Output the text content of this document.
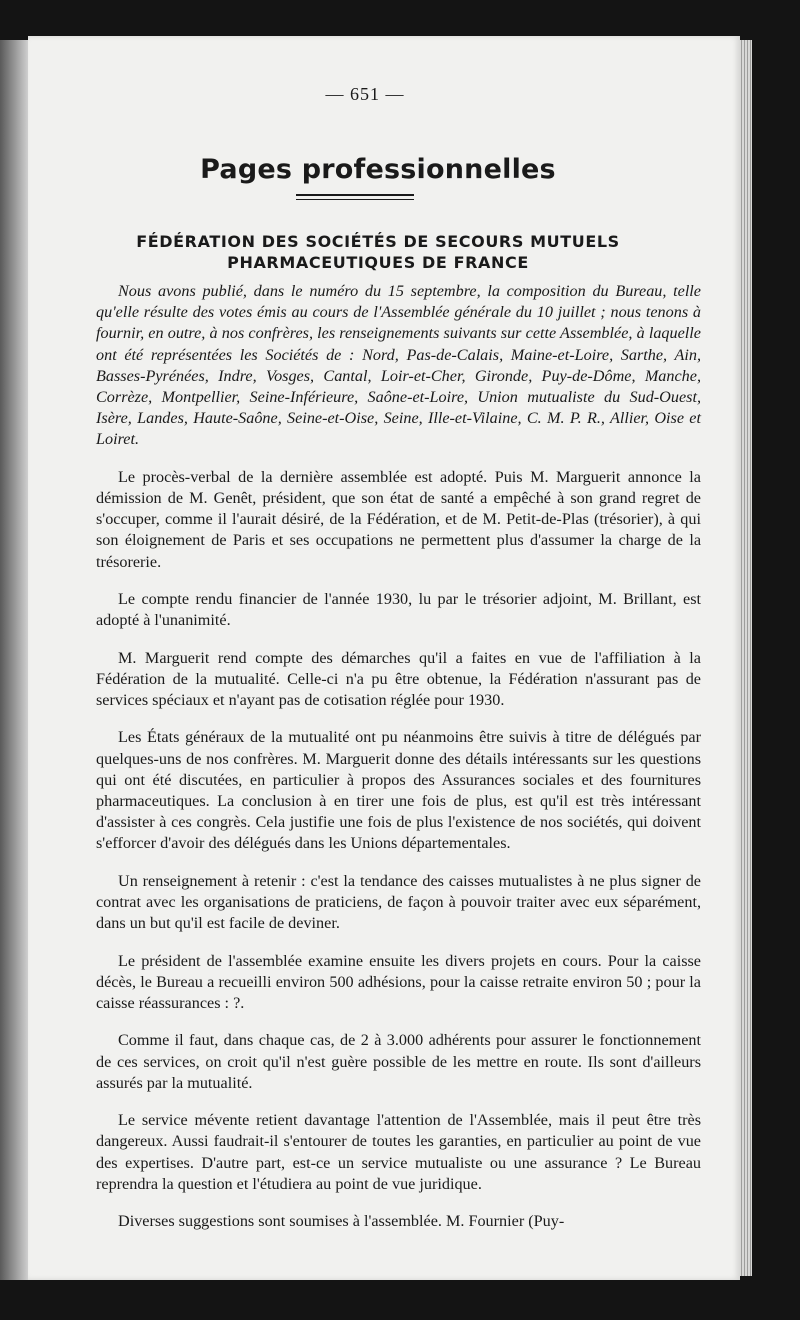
— 651 —
Pages professionnelles
FÉDÉRATION DES SOCIÉTÉS DE SECOURS MUTUELS
PHARMACEUTIQUES DE FRANCE

Nous avons publié, dans le numéro du 15 septembre, la composition du Bureau, telle qu'elle résulte des votes émis au cours de l'Assemblée générale du 10 juillet ; nous tenons à fournir, en outre, à nos confrères, les renseignements suivants sur cette Assemblée, à laquelle ont été représentées les Sociétés de : Nord, Pas-de-Calais, Maine-et-Loire, Sarthe, Ain, Basses-Pyrénées, Indre, Vosges, Cantal, Loir-et-Cher, Gironde, Puy-de-Dôme, Manche, Corrèze, Montpellier, Seine-Inférieure, Saône-et-Loire, Union mutualiste du Sud-Ouest, Isère, Landes, Haute-Saône, Seine-et-Oise, Seine, Ille-et-Vilaine, C. M. P. R., Allier, Oise et Loiret.

Le procès-verbal de la dernière assemblée est adopté. Puis M. Marguerit annonce la démission de M. Genêt, président, que son état de santé a empêché à son grand regret de s'occuper, comme il l'aurait désiré, de la Fédération, et de M. Petit-de-Plas (trésorier), à qui son éloignement de Paris et ses occupations ne permettent plus d'assumer la charge de la trésorerie.

Le compte rendu financier de l'année 1930, lu par le trésorier adjoint, M. Brillant, est adopté à l'unanimité.

M. Marguerit rend compte des démarches qu'il a faites en vue de l'affiliation à la Fédération de la mutualité. Celle-ci n'a pu être obtenue, la Fédération n'assurant pas de services spéciaux et n'ayant pas de cotisation réglée pour 1930.

Les États généraux de la mutualité ont pu néanmoins être suivis à titre de délégués par quelques-uns de nos confrères. M. Marguerit donne des détails intéressants sur les questions qui ont été discutées, en particulier à propos des Assurances sociales et des fournitures pharmaceutiques. La conclusion à en tirer une fois de plus, est qu'il est très intéressant d'assister à ces congrès. Cela justifie une fois de plus l'existence de nos sociétés, qui doivent s'efforcer d'avoir des délégués dans les Unions départementales.

Un renseignement à retenir : c'est la tendance des caisses mutualistes à ne plus signer de contrat avec les organisations de praticiens, de façon à pouvoir traiter avec eux séparément, dans un but qu'il est facile de deviner.

Le président de l'assemblée examine ensuite les divers projets en cours. Pour la caisse décès, le Bureau a recueilli environ 500 adhésions, pour la caisse retraite environ 50 ; pour la caisse réassurances : ?.

Comme il faut, dans chaque cas, de 2 à 3.000 adhérents pour assurer le fonctionnement de ces services, on croit qu'il n'est guère possible de les mettre en route. Ils sont d'ailleurs assurés par la mutualité.

Le service mévente retient davantage l'attention de l'Assemblée, mais il peut être très dangereux. Aussi faudrait-il s'entourer de toutes les garanties, en particulier au point de vue des expertises. D'autre part, est-ce un service mutualiste ou une assurance ? Le Bureau reprendra la question et l'étudiera au point de vue juridique.

Diverses suggestions sont soumises à l'assemblée. M. Fournier (Puy-
